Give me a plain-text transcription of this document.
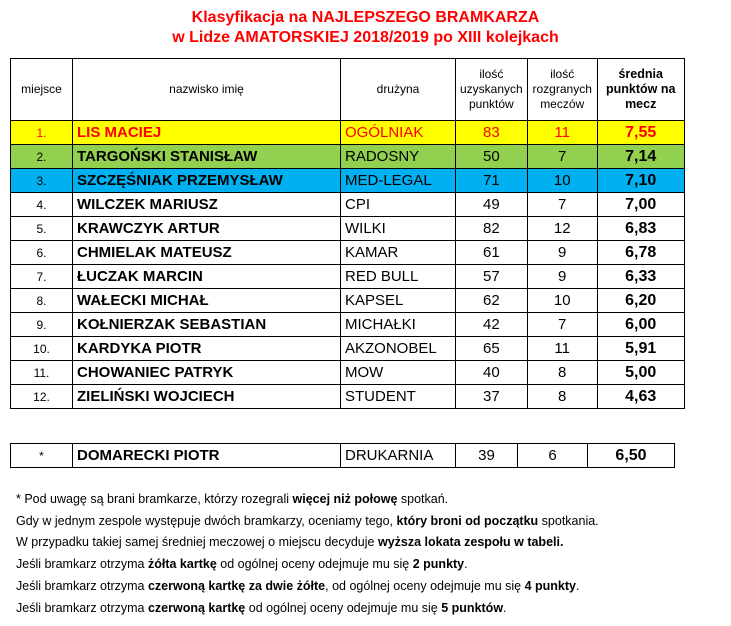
Klasyfikacja na NAJLEPSZEGO BRAMKARZA
w Lidze AMATORSKIEJ 2018/2019 po XIII kolejkach
miejsce	nazwisko imię	drużyna	ilość uzyskanych punktów	ilość rozgranych meczów	średnia punktów na mecz
1.	LIS MACIEJ	OGÓLNIAK	83	11	7,55
2.	TARGOŃSKI STANISŁAW	RADOSNY	50	7	7,14
3.	SZCZĘŚNIAK PRZEMYSŁAW	MED-LEGAL	71	10	7,10
4.	WILCZEK MARIUSZ	CPI	49	7	7,00
5.	KRAWCZYK ARTUR	WILKI	82	12	6,83
6.	CHMIELAK MATEUSZ	KAMAR	61	9	6,78
7.	ŁUCZAK MARCIN	RED BULL	57	9	6,33
8.	WAŁECKI MICHAŁ	KAPSEL	62	10	6,20
9.	KOŁNIERZAK SEBASTIAN	MICHAŁKI	42	7	6,00
10.	KARDYKA PIOTR	AKZONOBEL	65	11	5,91
11.	CHOWANIEC PATRYK	MOW	40	8	5,00
12.	ZIELIŃSKI WOJCIECH	STUDENT	37	8	4,63
*	DOMARECKI PIOTR	DRUKARNIA	39	6	6,50
* Pod uwagę są brani bramkarze, którzy rozegrali więcej niż połowę spotkań.
Gdy w jednym zespole występuje dwóch bramkarzy, oceniamy tego, który broni od początku spotkania.
W przypadku takiej samej średniej meczowej o miejscu decyduje wyższa lokata zespołu w tabeli.
Jeśli bramkarz otrzyma żółta kartkę od ogólnej oceny odejmuje mu się 2 punkty.
Jeśli bramkarz otrzyma czerwoną kartkę za dwie żółte, od ogólnej oceny odejmuje mu się 4 punkty.
Jeśli bramkarz otrzyma czerwoną kartkę od ogólnej oceny odejmuje mu się 5 punktów.
